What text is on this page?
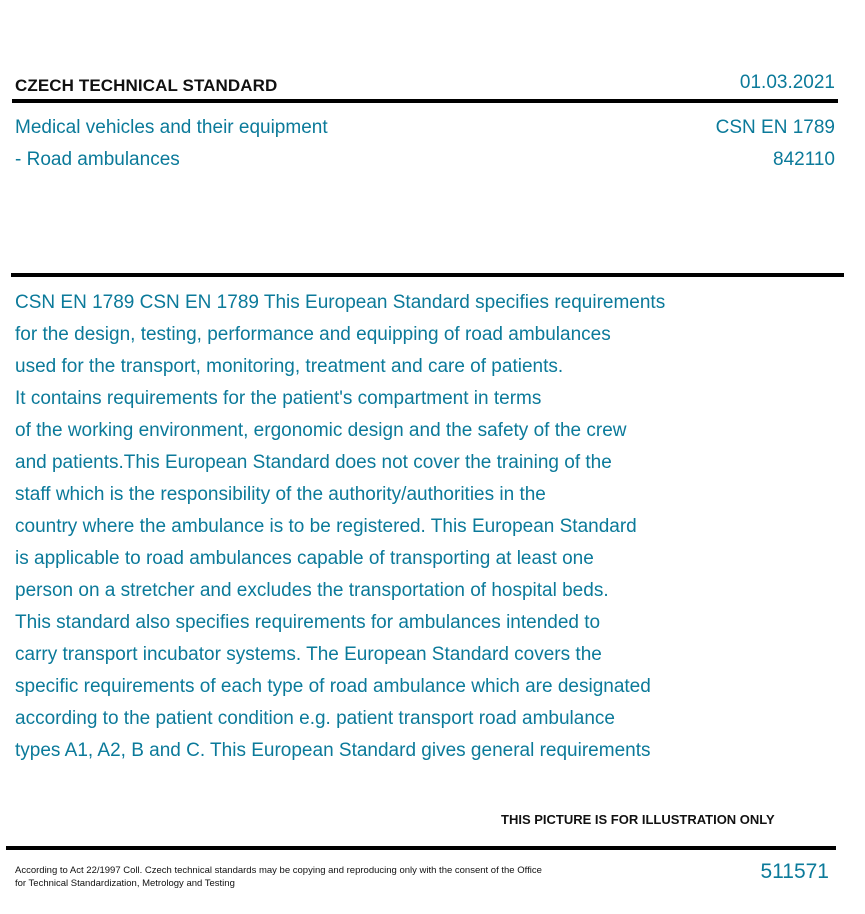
CZECH TECHNICAL STANDARD	01.03.2021
Medical vehicles and their equipment
- Road ambulances
CSN EN 1789
842110
CSN EN 1789 CSN EN 1789 This European Standard specifies requirements
for the design, testing, performance and equipping of road ambulances
used for the transport, monitoring, treatment and care of patients.
It contains requirements for the patient's compartment in terms
of the working environment, ergonomic design and the safety of the crew
and patients.This European Standard does not cover the training of the
staff which is the responsibility of the authority/authorities in the
country where the ambulance is to be registered. This European Standard
is applicable to road ambulances capable of transporting at least one
person on a stretcher and excludes the transportation of hospital beds.
This standard also specifies requirements for ambulances intended to
carry transport incubator systems. The European Standard covers the
specific requirements of each type of road ambulance which are designated
according to the patient condition e.g. patient transport road ambulance
types A1, A2, B and C. This European Standard gives general requirements
THIS PICTURE IS FOR ILLUSTRATION ONLY
According to Act 22/1997 Coll. Czech technical standards may be copying and reproducing only with the consent of the Office
for Technical Standardization, Metrology and Testing
511571
